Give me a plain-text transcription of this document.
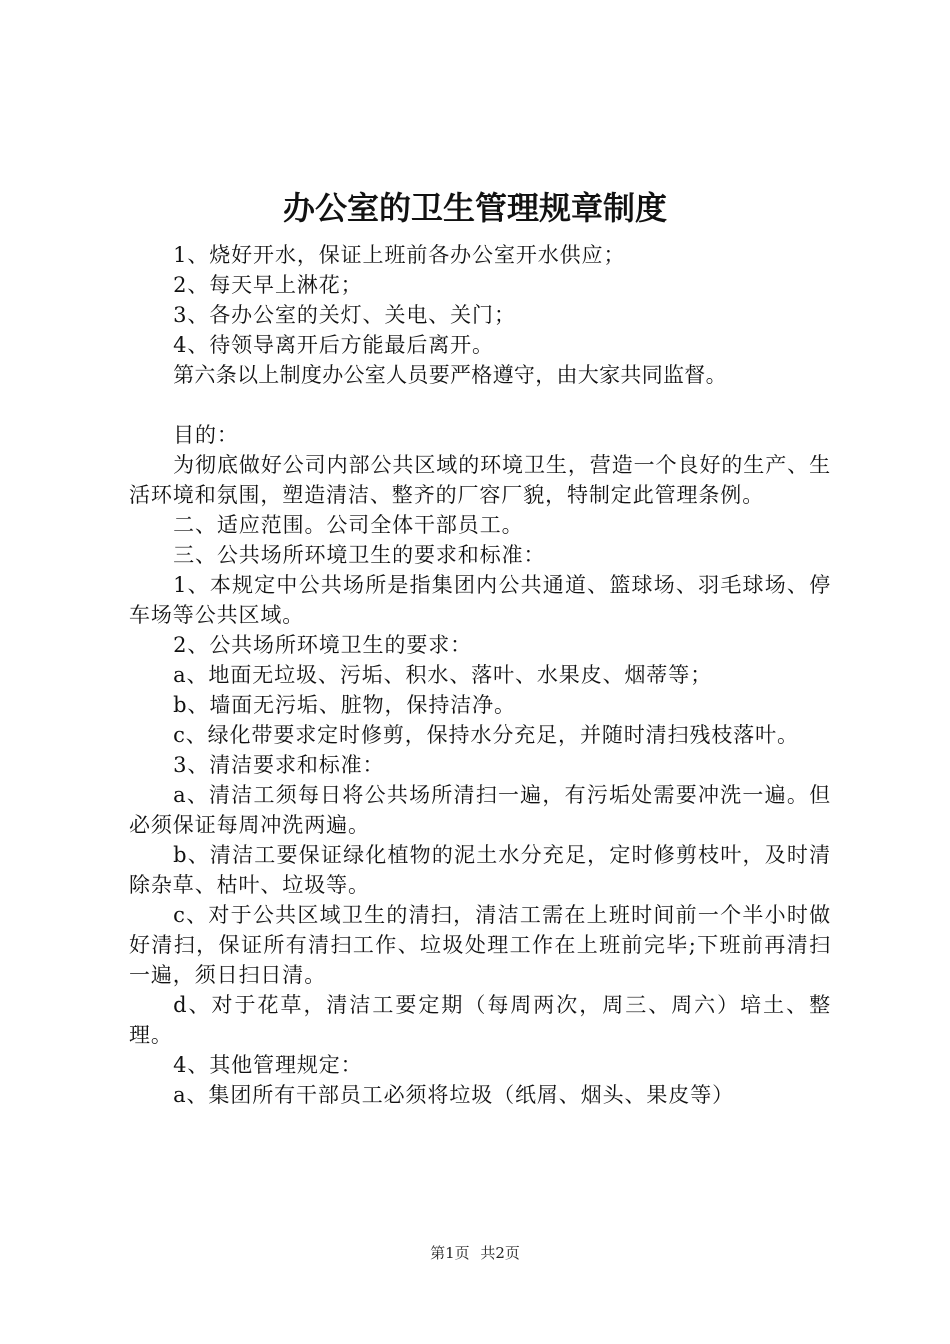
办公室的卫生管理规章制度

1、烧好开水，保证上班前各办公室开水供应；

2、每天早上淋花；

3、各办公室的关灯、关电、关门；

4、待领导离开后方能最后离开。

第六条以上制度办公室人员要严格遵守，由大家共同监督。

目的：

为彻底做好公司内部公共区域的环境卫生，营造一个良好的生产、生活环境和氛围，塑造清洁、整齐的厂容厂貌，特制定此管理条例。

二、适应范围。公司全体干部员工。

三、公共场所环境卫生的要求和标准：

1、本规定中公共场所是指集团内公共通道、篮球场、羽毛球场、停车场等公共区域。

2、公共场所环境卫生的要求：

a、地面无垃圾、污垢、积水、落叶、水果皮、烟蒂等；

b、墙面无污垢、脏物，保持洁净。

c、绿化带要求定时修剪，保持水分充足，并随时清扫残枝落叶。

3、清洁要求和标准：

a、清洁工须每日将公共场所清扫一遍，有污垢处需要冲洗一遍。但必须保证每周冲洗两遍。

b、清洁工要保证绿化植物的泥土水分充足，定时修剪枝叶，及时清除杂草、枯叶、垃圾等。

c、对于公共区域卫生的清扫，清洁工需在上班时间前一个半小时做好清扫，保证所有清扫工作、垃圾处理工作在上班前完毕;下班前再清扫一遍，须日扫日清。

d、对于花草，清洁工要定期（每周两次，周三、周六）培土、整理。

4、其他管理规定：

a、集团所有干部员工必须将垃圾（纸屑、烟头、果皮等）

第1页 共2页
